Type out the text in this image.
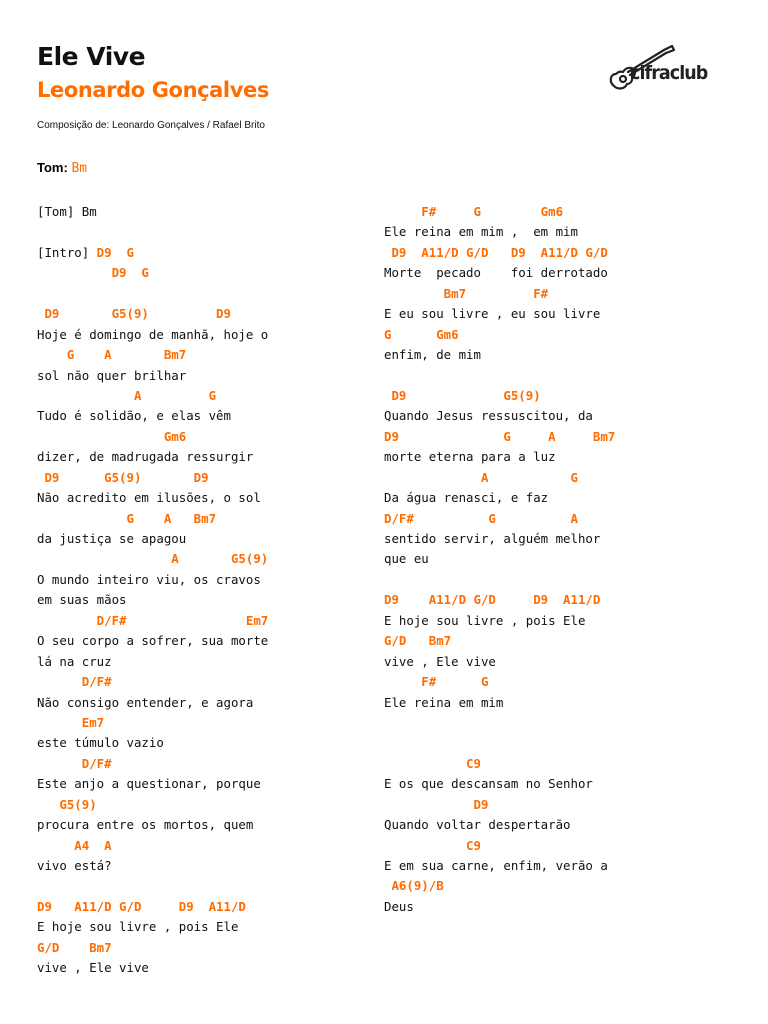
Ele Vive
Leonardo Gonçalves
Composição de: Leonardo Gonçalves / Rafael Brito
cifraclub
Tom: Bm
[Tom] Bm
[Intro] D9  G
D9  G
D9       G5(9)         D9
Hoje é domingo de manhã, hoje o
G    A       Bm7
sol não quer brilhar
A         G
Tudo é solidão, e elas vêm
Gm6
dizer, de madrugada ressurgir
D9      G5(9)       D9
Não acredito em ilusões, o sol
G    A   Bm7
da justiça se apagou
A       G5(9)
O mundo inteiro viu, os cravos
em suas mãos
D/F#                Em7
O seu corpo a sofrer, sua morte
lá na cruz
D/F#
Não consigo entender, e agora
Em7
este túmulo vazio
D/F#
Este anjo a questionar, porque
G5(9)
procura entre os mortos, quem
A4  A
vivo está?
D9   A11/D G/D     D9  A11/D
E hoje sou livre , pois Ele
G/D    Bm7
vive , Ele vive
F#     G        Gm6
Ele reina em mim ,  em mim
D9  A11/D G/D   D9  A11/D G/D
Morte  pecado    foi derrotado
Bm7         F#
E eu sou livre , eu sou livre
G      Gm6
enfim, de mim
D9             G5(9)
Quando Jesus ressuscitou, da
D9              G     A     Bm7
morte eterna para a luz
A           G
Da água renasci, e faz
D/F#          G          A
sentido servir, alguém melhor
que eu
D9    A11/D G/D     D9  A11/D
E hoje sou livre , pois Ele
G/D   Bm7
vive , Ele vive
F#      G
Ele reina em mim
C9
E os que descansam no Senhor
D9
Quando voltar despertarão
C9
E em sua carne, enfim, verão a
A6(9)/B
Deus
